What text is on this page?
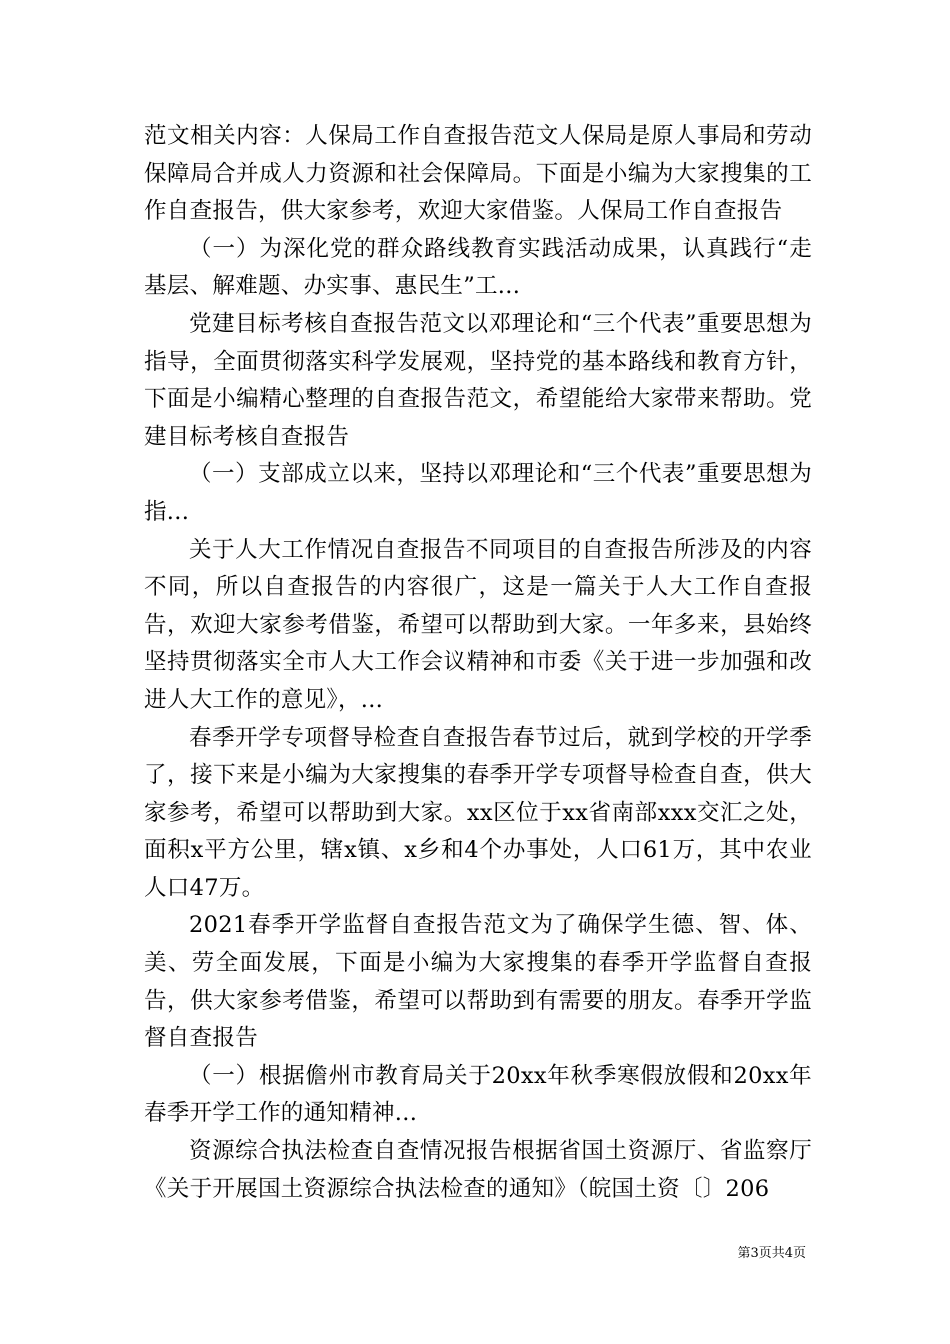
范文相关内容：人保局工作自查报告范文人保局是原人事局和劳动保障局合并成人力资源和社会保障局。下面是小编为大家搜集的工作自查报告，供大家参考，欢迎大家借鉴。人保局工作自查报告

（一）为深化党的群众路线教育实践活动成果，认真践行“走基层、解难题、办实事、惠民生”工...

党建目标考核自查报告范文以邓理论和“三个代表”重要思想为指导，全面贯彻落实科学发展观，坚持党的基本路线和教育方针，下面是小编精心整理的自查报告范文，希望能给大家带来帮助。党建目标考核自查报告

（一）支部成立以来，坚持以邓理论和“三个代表”重要思想为指...

关于人大工作情况自查报告不同项目的自查报告所涉及的内容不同，所以自查报告的内容很广，这是一篇关于人大工作自查报告，欢迎大家参考借鉴，希望可以帮助到大家。一年多来，县始终坚持贯彻落实全市人大工作会议精神和市委《关于进一步加强和改进人大工作的意见》，...

春季开学专项督导检查自查报告春节过后，就到学校的开学季了，接下来是小编为大家搜集的春季开学专项督导检查自查，供大家参考，希望可以帮助到大家。xx区位于xx省南部xxx交汇之处，面积x平方公里，辖x镇、x乡和4个办事处，人口61万，其中农业人口47万。

2021春季开学监督自查报告范文为了确保学生德、智、体、美、劳全面发展，下面是小编为大家搜集的春季开学监督自查报告，供大家参考借鉴，希望可以帮助到有需要的朋友。春季开学监督自查报告

（一）根据儋州市教育局关于20xx年秋季寒假放假和20xx年春季开学工作的通知精神...

资源综合执法检查自查情况报告根据省国土资源厅、省监察厅《关于开展国土资源综合执法检查的通知》（皖国土资〔〕206

第3页共4页
